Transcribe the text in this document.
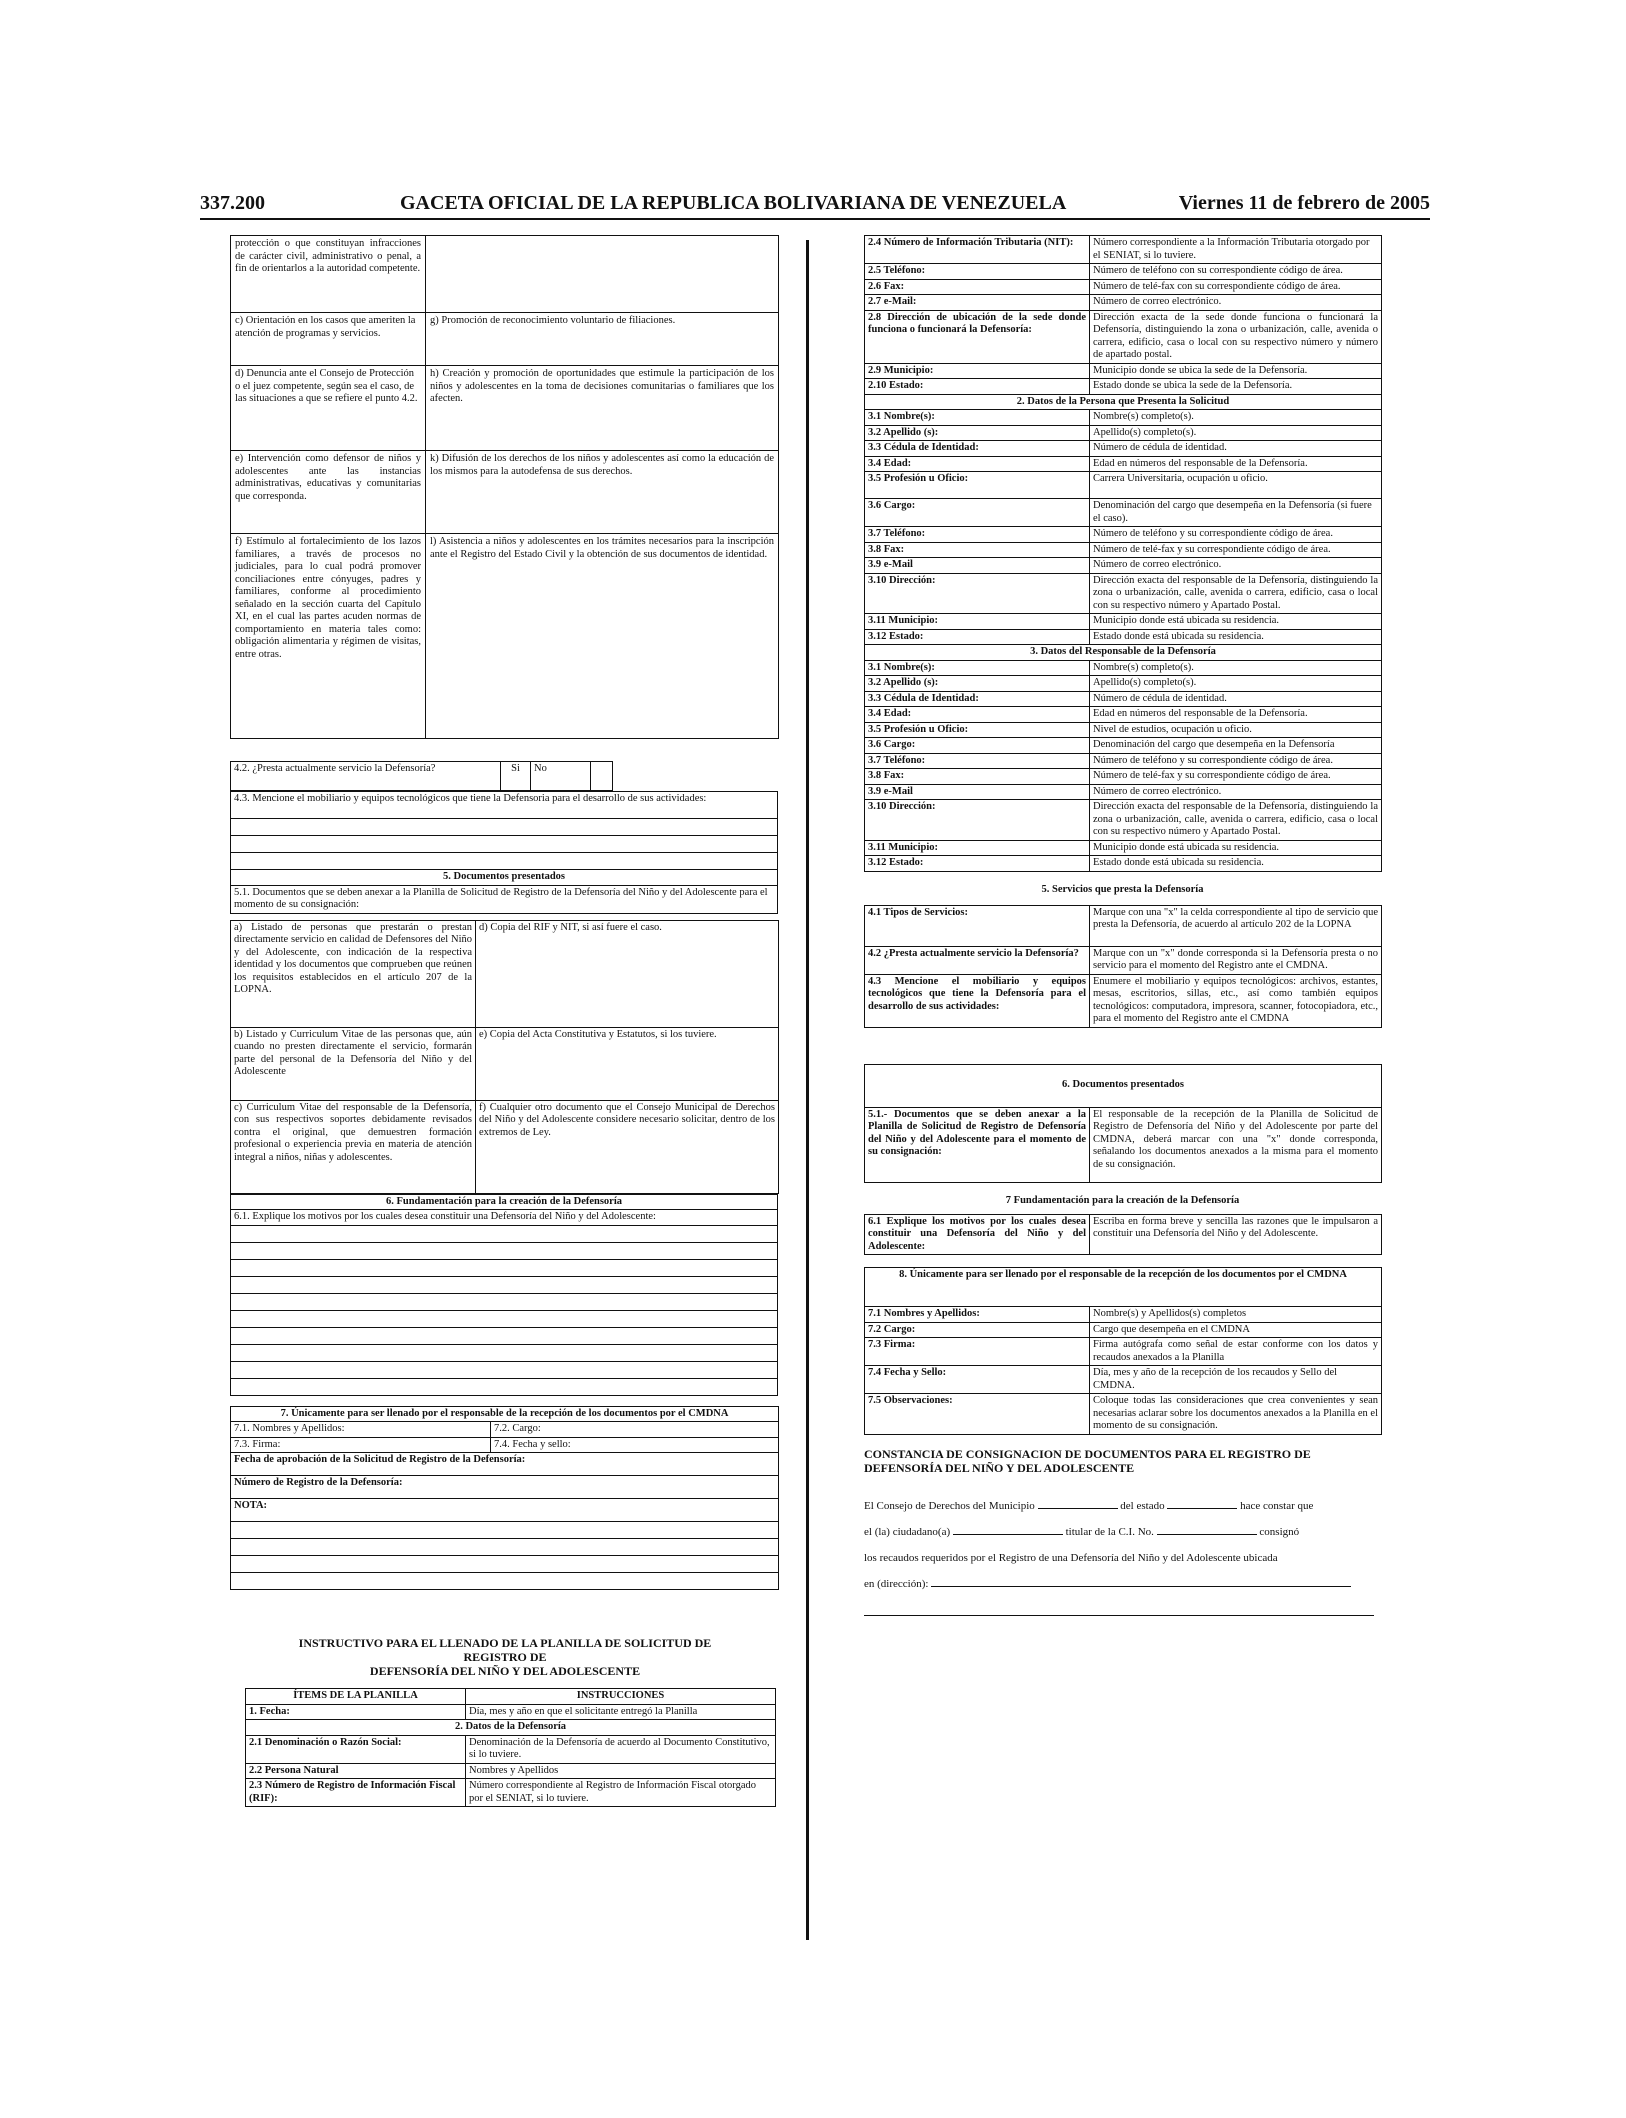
337.200	GACETA OFICIAL DE LA REPUBLICA BOLIVARIANA DE VENEZUELA	Viernes 11 de febrero de 2005
protección o que constituyan infracciones de carácter civil, administrativo o penal, a fin de orientarlos a la autoridad competente.	
c) Orientación en los casos que ameriten la atención de programas y servicios.	g) Promoción de reconocimiento voluntario de filiaciones.
d) Denuncia ante el Consejo de Protección o el juez competente, según sea el caso, de las situaciones a que se refiere el punto 4.2.	h) Creación y promoción de oportunidades que estimule la participación de los niños y adolescentes en la toma de decisiones comunitarias o familiares que los afecten.
e) Intervención como defensor de niños y adolescentes ante las instancias administrativas, educativas y comunitarias que corresponda.	k) Difusión de los derechos de los niños y adolescentes así como la educación de los mismos para la autodefensa de sus derechos.
f) Estímulo al fortalecimiento de los lazos familiares, a través de procesos no judiciales, para lo cual podrá promover conciliaciones entre cónyuges, padres y familiares, conforme al procedimiento señalado en la sección cuarta del Capítulo XI, en el cual las partes acuden normas de comportamiento en materia tales como: obligación alimentaria y régimen de visitas, entre otras.	l) Asistencia a niños y adolescentes en los trámites necesarios para la inscripción ante el Registro del Estado Civil y la obtención de sus documentos de identidad.
4.2. ¿Presta actualmente servicio la Defensoría?	Si	No		
4.3. Mencione el mobiliario y equipos tecnológicos que tiene la Defensoria para el desarrollo de sus actividades:

5. Documentos presentados
5.1. Documentos que se deben anexar a la Planilla de Solicitud de Registro de la Defensoría del Niño y del Adolescente para el momento de su consignación:
a) Listado de personas que prestarán o prestan directamente servicio en calidad de Defensores del Niño y del Adolescente, con indicación de la respectiva identidad y los documentos que comprueben que reúnen los requisitos establecidos en el artículo 207 de la LOPNA.	d) Copia del RIF y NIT, si así fuere el caso.
b) Listado y Curriculum Vitae de las personas que, aún cuando no presten directamente el servicio, formarán parte del personal de la Defensoría del Niño y del Adolescente	e) Copia del Acta Constitutiva y Estatutos, si los tuviere.
c) Curriculum Vitae del responsable de la Defensoría, con sus respectivos soportes debidamente revisados contra el original, que demuestren formación profesional o experiencia previa en materia de atención integral a niños, niñas y adolescentes.	f) Cualquier otro documento que el Consejo Municipal de Derechos del Niño y del Adolescente considere necesario solicitar, dentro de los extremos de Ley.
6. Fundamentación para la creación de la Defensoría
6.1. Explique los motivos por los cuales desea constituir una Defensoría del Niño y del Adolescente:

7. Únicamente para ser llenado por el responsable de la recepción de los documentos por el CMDNA	
7.1. Nombres y Apellidos:	7.2. Cargo:
7.3. Firma:	7.4. Fecha y sello:
Fecha de aprobación de la Solicitud de Registro de la Defensoría:	
Número de Registro de la Defensoría:	
NOTA:	

INSTRUCTIVO PARA EL LLENADO DE LA PLANILLA DE SOLICITUD DE

REGISTRO DE

DEFENSORÍA DEL NIÑO Y DEL ADOLESCENTE

ÍTEMS DE LA PLANILLA	INSTRUCCIONES
1. Fecha:	Día, mes y año en que el solicitante entregó la Planilla
2. Datos de la Defensoría	
2.1 Denominación o Razón Social:	Denominación de la Defensoría de acuerdo al Documento Constitutivo, si lo tuviere.
2.2 Persona Natural	Nombres y Apellidos
2.3 Número de Registro de Información Fiscal (RIF):	Número correspondiente al Registro de Información Fiscal otorgado por el SENIAT, si lo tuviere.
2.4 Número de Información Tributaria (NIT):	Número correspondiente a la Información Tributaria otorgado por el SENIAT, si lo tuviere.
2.5 Teléfono:	Número de teléfono con su correspondiente código de área.
2.6 Fax:	Número de telé-fax con su correspondiente código de área.
2.7 e-Mail:	Número de correo electrónico.
2.8 Dirección de ubicación de la sede donde funciona o funcionará la Defensoría:	Dirección exacta de la sede donde funciona o funcionará la Defensoría, distinguiendo la zona o urbanización, calle, avenida o carrera, edificio, casa o local con su respectivo número y número de apartado postal.
2.9 Municipio:	Municipio donde se ubica la sede de la Defensoría.
2.10 Estado:	Estado donde se ubica la sede de la Defensoría.
2. Datos de la Persona que Presenta la Solicitud	
3.1 Nombre(s):	Nombre(s) completo(s).
3.2 Apellido (s):	Apellido(s) completo(s).
3.3 Cédula de Identidad:	Número de cédula de identidad.
3.4 Edad:	Edad en números del responsable de la Defensoría.
3.5 Profesión u Oficio:	Carrera Universitaria, ocupación u oficio.
3.6 Cargo:	Denominación del cargo que desempeña en la Defensoría (si fuere el caso).
3.7 Teléfono:	Número de teléfono y su correspondiente código de área.
3.8 Fax:	Número de telé-fax y su correspondiente código de área.
3.9 e-Mail	Número de correo electrónico.
3.10 Dirección:	Dirección exacta del responsable de la Defensoría, distinguiendo la zona o urbanización, calle, avenida o carrera, edificio, casa o local con su respectivo número y Apartado Postal.
3.11 Municipio:	Municipio donde está ubicada su residencia.
3.12 Estado:	Estado donde está ubicada su residencia.
3. Datos del Responsable de la Defensoría	
3.1 Nombre(s):	Nombre(s) completo(s).
3.2 Apellido (s):	Apellido(s) completo(s).
3.3 Cédula de Identidad:	Número de cédula de identidad.
3.4 Edad:	Edad en números del responsable de la Defensoría.
3.5 Profesión u Oficio:	Nivel de estudios, ocupación u oficio.
3.6 Cargo:	Denominación del cargo que desempeña en la Defensoría
3.7 Teléfono:	Número de teléfono y su correspondiente código de área.
3.8 Fax:	Número de telé-fax y su correspondiente código de área.
3.9 e-Mail	Número de correo electrónico.
3.10 Dirección:	Dirección exacta del responsable de la Defensoría, distinguiendo la zona o urbanización, calle, avenida o carrera, edificio, casa o local con su respectivo número y Apartado Postal.
3.11 Municipio:	Municipio donde está ubicada su residencia.
3.12 Estado:	Estado donde está ubicada su residencia.
5. Servicios que presta la Defensoría
4.1 Tipos de Servicios:	Marque con una "x" la celda correspondiente al tipo de servicio que presta la Defensoría, de acuerdo al artículo 202 de la LOPNA
4.2 ¿Presta actualmente servicio la Defensoría?	Marque con un "x" donde corresponda si la Defensoría presta o no servicio para el momento del Registro ante el CMDNA.
4.3 Mencione el mobiliario y equipos tecnológicos que tiene la Defensoría para el desarrollo de sus actividades:	Enumere el mobiliario y equipos tecnológicos: archivos, estantes, mesas, escritorios, sillas, etc., así como también equipos tecnológicos: computadora, impresora, scanner, fotocopiadora, etc., para el momento del Registro ante el CMDNA
6. Documentos presentados
5.1.- Documentos que se deben anexar a la Planilla de Solicitud de Registro de Defensoría del Niño y del Adolescente para el momento de su consignación:	El responsable de la recepción de la Planilla de Solicitud de Registro de Defensoría del Niño y del Adolescente por parte del CMDNA, deberá marcar con una "x" donde corresponda, señalando los documentos anexados a la misma para el momento de su consignación.
7 Fundamentación para la creación de la Defensoría
6.1 Explique los motivos por los cuales desea constituir una Defensoría del Niño y del Adolescente:	Escriba en forma breve y sencilla las razones que le impulsaron a constituir una Defensoría del Niño y del Adolescente.
8. Únicamente para ser llenado por el responsable de la recepción de los documentos por el CMDNA	
7.1 Nombres y Apellidos:	Nombre(s) y Apellidos(s) completos
7.2 Cargo:	Cargo que desempeña en el CMDNA
7.3 Firma:	Firma autógrafa como señal de estar conforme con los datos y recaudos anexados a la Planilla
7.4 Fecha y Sello:	Día, mes y año de la recepción de los recaudos y Sello del CMDNA.
7.5 Observaciones:	Coloque todas las consideraciones que crea convenientes y sean necesarias aclarar sobre los documentos anexados a la Planilla en el momento de su consignación.

CONSTANCIA DE CONSIGNACION DE DOCUMENTOS PARA EL REGISTRO DE

DEFENSORÍA DEL NIÑO Y DEL ADOLESCENTE

El Consejo de Derechos del Municipio	del estado	hace constar que

el (la) ciudadano(a)	titular de la C.I. No.	consignó

los recaudos requeridos por el Registro de una Defensoría del Niño y del Adolescente ubicada

en (dirección):
